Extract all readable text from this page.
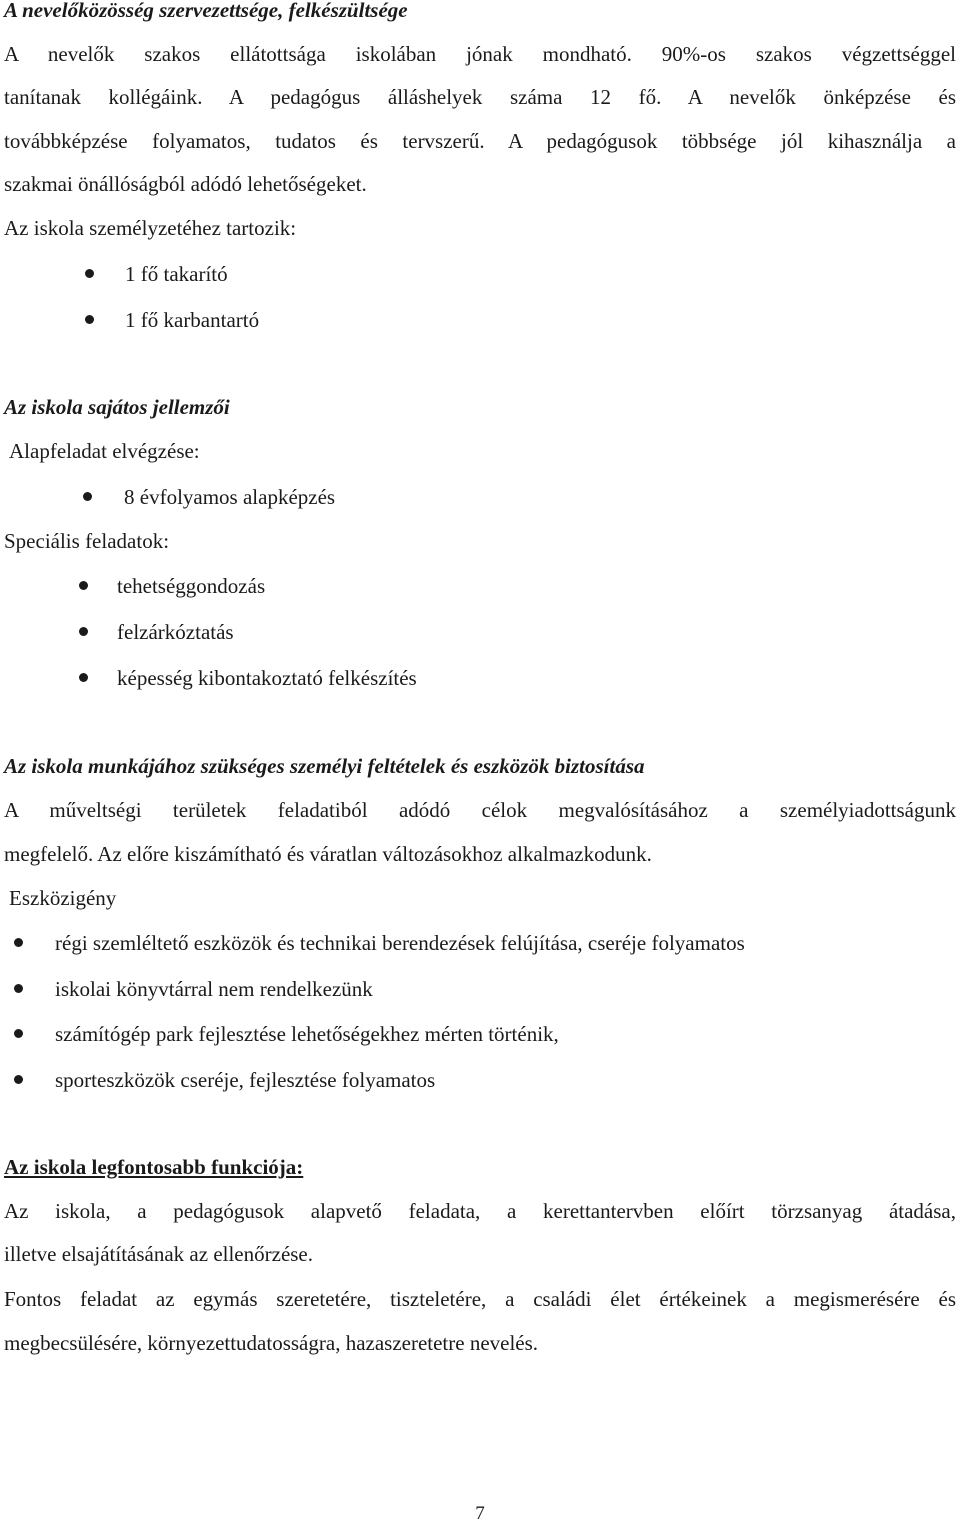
A nevelőközösség szervezettsége, felkészültsége
A nevelők szakos ellátottsága iskolában jónak mondható. 90%-os szakos végzettséggel
tanítanak kollégáink. A pedagógus álláshelyek száma 12 fő. A nevelők önképzése és
továbbképzése folyamatos, tudatos és tervszerű. A pedagógusok többsége jól kihasználja a
szakmai önállóságból adódó lehetőségeket.
Az iskola személyzetéhez tartozik:
1 fő takarító
1 fő karbantartó
Az iskola sajátos jellemzői
Alapfeladat elvégzése:
8 évfolyamos alapképzés
Speciális feladatok:
tehetséggondozás
felzárkóztatás
képesség kibontakoztató felkészítés
Az iskola munkájához szükséges személyi feltételek és eszközök biztosítása
A műveltségi területek feladatiból adódó célok megvalósításához a személyiadottságunk
megfelelő. Az előre kiszámítható és váratlan változásokhoz alkalmazkodunk.
Eszközigény
régi szemléltető eszközök és technikai berendezések felújítása, cseréje folyamatos
iskolai könyvtárral nem rendelkezünk
számítógép park fejlesztése lehetőségekhez mérten történik,
sporteszközök cseréje, fejlesztése folyamatos
Az iskola legfontosabb funkciója:
Az iskola, a pedagógusok alapvető feladata, a kerettantervben előírt törzsanyag átadása,
illetve elsajátításának az ellenőrzése.
Fontos feladat az egymás szeretetére, tiszteletére, a családi élet értékeinek a megismerésére és
megbecsülésére, környezettudatosságra, hazaszeretetre nevelés.
7
